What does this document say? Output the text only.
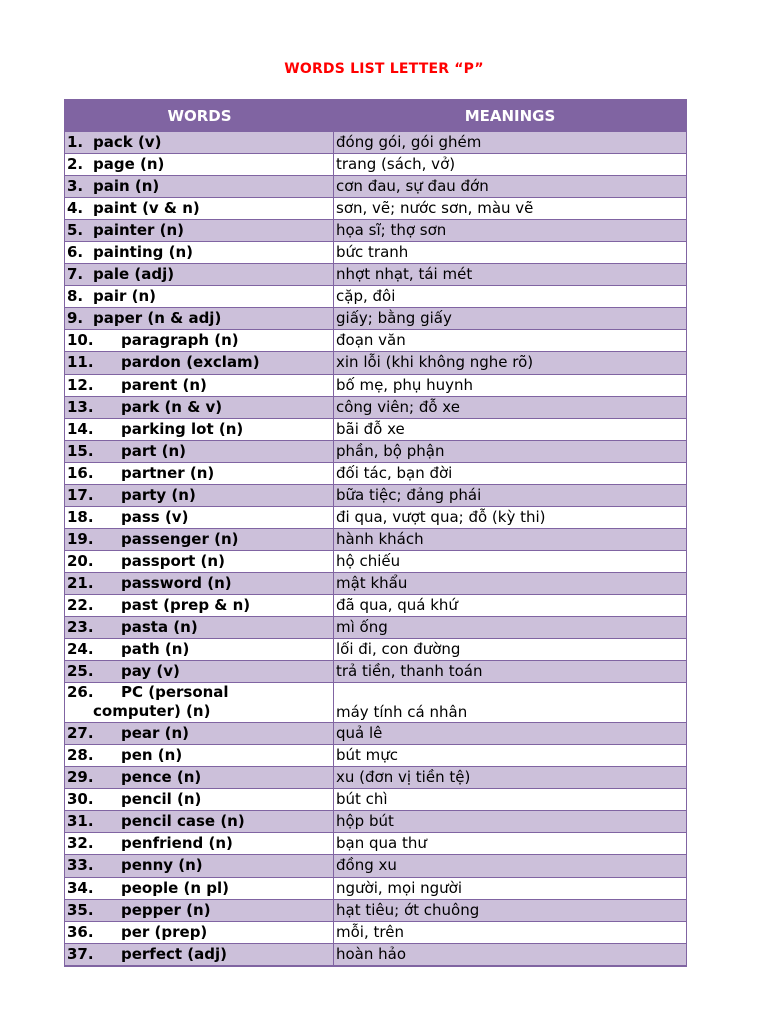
WORDS LIST LETTER “P”
WORDS	MEANINGS
1. pack (v)	đóng gói, gói ghém
2. page (n)	trang (sách, vở)
3. pain (n)	cơn đau, sự đau đớn
4. paint (v & n)	sơn, vẽ; nước sơn, màu vẽ
5. painter (n)	họa sĩ; thợ sơn
6. painting (n)	bức tranh
7. pale (adj)	nhợt nhạt, tái mét
8. pair (n)	cặp, đôi
9. paper (n & adj)	giấy; bằng giấy
10.	paragraph (n)	đoạn văn
11.	pardon (exclam)	xin lỗi (khi không nghe rõ)
12.	parent (n)	bố mẹ, phụ huynh
13.	park (n & v)	công viên; đỗ xe
14.	parking lot (n)	bãi đỗ xe
15.	part (n)	phần, bộ phận
16.	partner (n)	đối tác, bạn đời
17.	party (n)	bữa tiệc; đảng phái
18.	pass (v)	đi qua, vượt qua; đỗ (kỳ thi)
19.	passenger (n)	hành khách
20.	passport (n)	hộ chiếu
21.	password (n)	mật khẩu
22.	past (prep & n)	đã qua, quá khứ
23.	pasta (n)	mì ống
24.	path (n)	lối đi, con đường
25.	pay (v)	trả tiền, thanh toán
26. PC (personal
computer) (n)	máy tính cá nhân
27.	pear (n)	quả lê
28.	pen (n)	bút mực
29.	pence (n)	xu (đơn vị tiền tệ)
30.	pencil (n)	bút chì
31.	pencil case (n)	hộp bút
32.	penfriend (n)	bạn qua thư
33.	penny (n)	đồng xu
34.	people (n pl)	người, mọi người
35.	pepper (n)	hạt tiêu; ớt chuông
36.	per (prep)	mỗi, trên
37.	perfect (adj)	hoàn hảo
